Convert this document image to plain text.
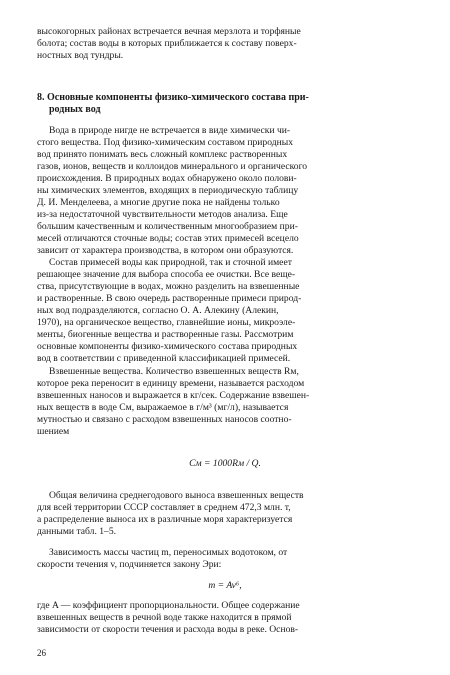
высокогорных районах встречается вечная мерзлота и торфяные

болота; состав воды в которых приближается к составу поверх-

ностных вод тундры.

8. Основные компоненты физико-химического состава при-

родных вод

Вода в природе нигде не встречается в виде химически чи-

стого вещества. Под физико-химическим составом природных

вод принято понимать весь сложный комплекс растворенных

газов, ионов, веществ и коллоидов минерального и органического

происхождения. В природных водах обнаружено около полови-

ны химических элементов, входящих в периодическую таблицу

Д. И. Менделеева, а многие другие пока не найдены только

из-за недостаточной чувствительности методов анализа. Еще

большим качественным и количественным многообразием при-

месей отличаются сточные воды; состав этих примесей всецело

зависит от характера производства, в котором они образуются.

Состав примесей воды как природной, так и сточной имеет

решающее значение для выбора способа ее очистки. Все веще-

ства, присутствующие в водах, можно разделить на взвешенные

и растворенные. В свою очередь растворенные примеси природ-

ных вод подразделяются, согласно О. А. Алекину (Алекин,

1970), на органическое вещество, главнейшие ионы, микроэле-

менты, биогенные вещества и растворенные газы. Рассмотрим

основные компоненты физико-химического состава природных

вод в соответствии с приведенной классификацией примесей.

Взвешенные вещества. Количество взвешенных веществ Rм,

которое река переносит в единицу времени, называется расходом

взвешенных наносов и выражается в кг/сек. Содержание взвешен-

ных веществ в воде Cм, выражаемое в г/м³ (мг/л), называется

мутностью и связано с расходом взвешенных наносов соотно-

шением

Cм = 1000Rм / Q.

Общая величина среднегодового выноса взвешенных веществ

для всей территории СССР составляет в среднем 472,3 млн. т,

а распределение выноса их в различные моря характеризуется

данными табл. 1–5.

Зависимость массы частиц m, переносимых водотоком, от

скорости течения v, подчиняется закону Эри:

m = Av⁶,

где A — коэффициент пропорциональности. Общее содержание

взвешенных веществ в речной воде также находится в прямой

зависимости от скорости течения и расхода воды в реке. Основ-

26
